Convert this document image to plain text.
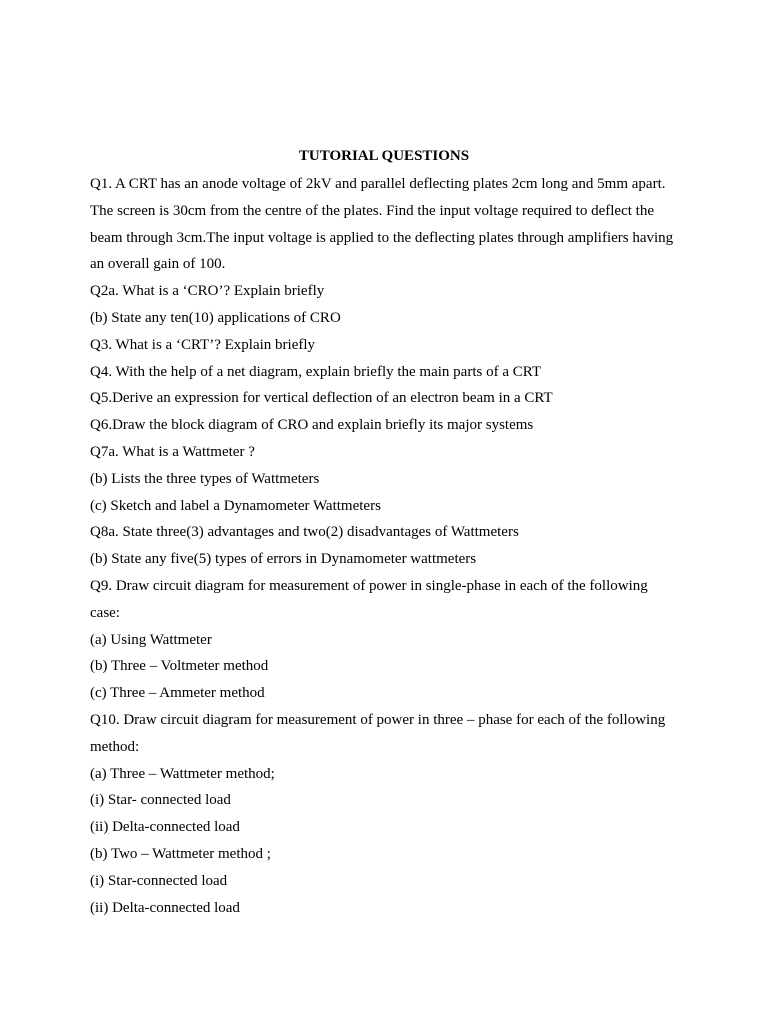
TUTORIAL QUESTIONS

Q1. A CRT has an anode voltage of 2kV and parallel deflecting plates 2cm long and 5mm apart.

The screen is 30cm from the centre of the plates. Find the input voltage required to deflect the

beam through 3cm.The input voltage is applied to the deflecting plates through amplifiers having

an overall gain of 100.

Q2a. What is a ‘CRO’? Explain briefly

(b) State any ten(10) applications of CRO

Q3. What is a ‘CRT’? Explain briefly

Q4. With the help of a net diagram, explain briefly the main parts of a CRT

Q5.Derive an expression for vertical deflection of an electron beam in a CRT

Q6.Draw the block diagram of CRO and explain briefly its major systems

Q7a. What is a Wattmeter ?

(b) Lists the three types of Wattmeters

(c) Sketch and label a Dynamometer Wattmeters

Q8a. State three(3) advantages and two(2) disadvantages of Wattmeters

(b) State any five(5) types of errors in Dynamometer wattmeters

Q9. Draw circuit diagram for measurement of power in single-phase in each of the following

case:

(a) Using Wattmeter

(b) Three – Voltmeter method

(c) Three – Ammeter method

Q10. Draw circuit diagram for measurement of power in three – phase for each of the following

method:

(a) Three – Wattmeter method;

(i) Star- connected load

(ii) Delta-connected load

(b) Two – Wattmeter method ;

(i) Star-connected load

(ii) Delta-connected load
